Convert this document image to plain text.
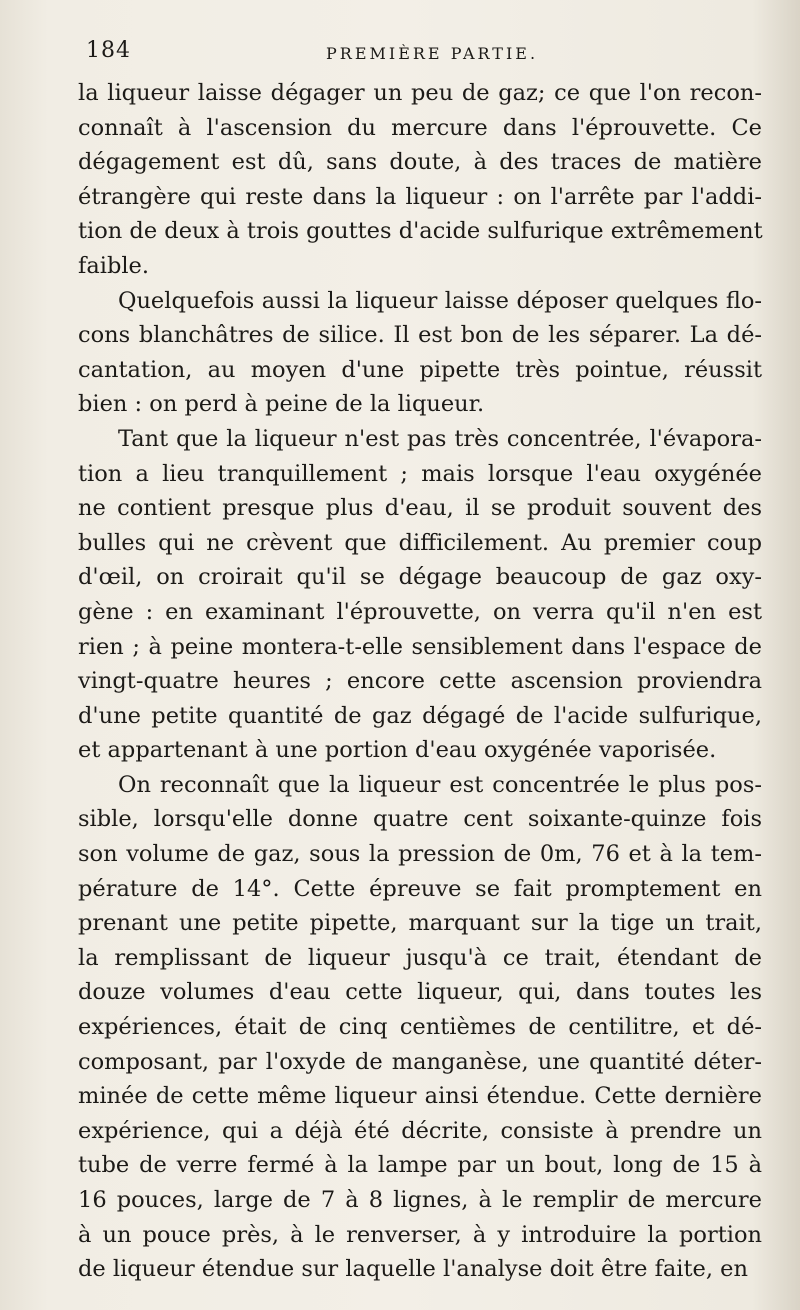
184	PREMIÈRE PARTIE.
la liqueur laisse dégager un peu de gaz; ce que l'on recon-
connaît à l'ascension du mercure dans l'éprouvette. Ce
dégagement est dû, sans doute, à des traces de matière
étrangère qui reste dans la liqueur : on l'arrête par l'addi-
tion de deux à trois gouttes d'acide sulfurique extrêmement
faible.
Quelquefois aussi la liqueur laisse déposer quelques flo-
cons blanchâtres de silice. Il est bon de les séparer. La dé-
cantation, au moyen d'une pipette très pointue, réussit
bien : on perd à peine de la liqueur.
Tant que la liqueur n'est pas très concentrée, l'évapora-
tion a lieu tranquillement ; mais lorsque l'eau oxygénée
ne contient presque plus d'eau, il se produit souvent des
bulles qui ne crèvent que difficilement. Au premier coup
d'œil, on croirait qu'il se dégage beaucoup de gaz oxy-
gène : en examinant l'éprouvette, on verra qu'il n'en est
rien ; à peine montera-t-elle sensiblement dans l'espace de
vingt-quatre heures ; encore cette ascension proviendra
d'une petite quantité de gaz dégagé de l'acide sulfurique,
et appartenant à une portion d'eau oxygénée vaporisée.
On reconnaît que la liqueur est concentrée le plus pos-
sible, lorsqu'elle donne quatre cent soixante-quinze fois
son volume de gaz, sous la pression de 0m, 76 et à la tem-
pérature de 14°. Cette épreuve se fait promptement en
prenant une petite pipette, marquant sur la tige un trait,
la remplissant de liqueur jusqu'à ce trait, étendant de
douze volumes d'eau cette liqueur, qui, dans toutes les
expériences, était de cinq centièmes de centilitre, et dé-
composant, par l'oxyde de manganèse, une quantité déter-
minée de cette même liqueur ainsi étendue. Cette dernière
expérience, qui a déjà été décrite, consiste à prendre un
tube de verre fermé à la lampe par un bout, long de 15 à
16 pouces, large de 7 à 8 lignes, à le remplir de mercure
à un pouce près, à le renverser, à y introduire la portion
de liqueur étendue sur laquelle l'analyse doit être faite, en
